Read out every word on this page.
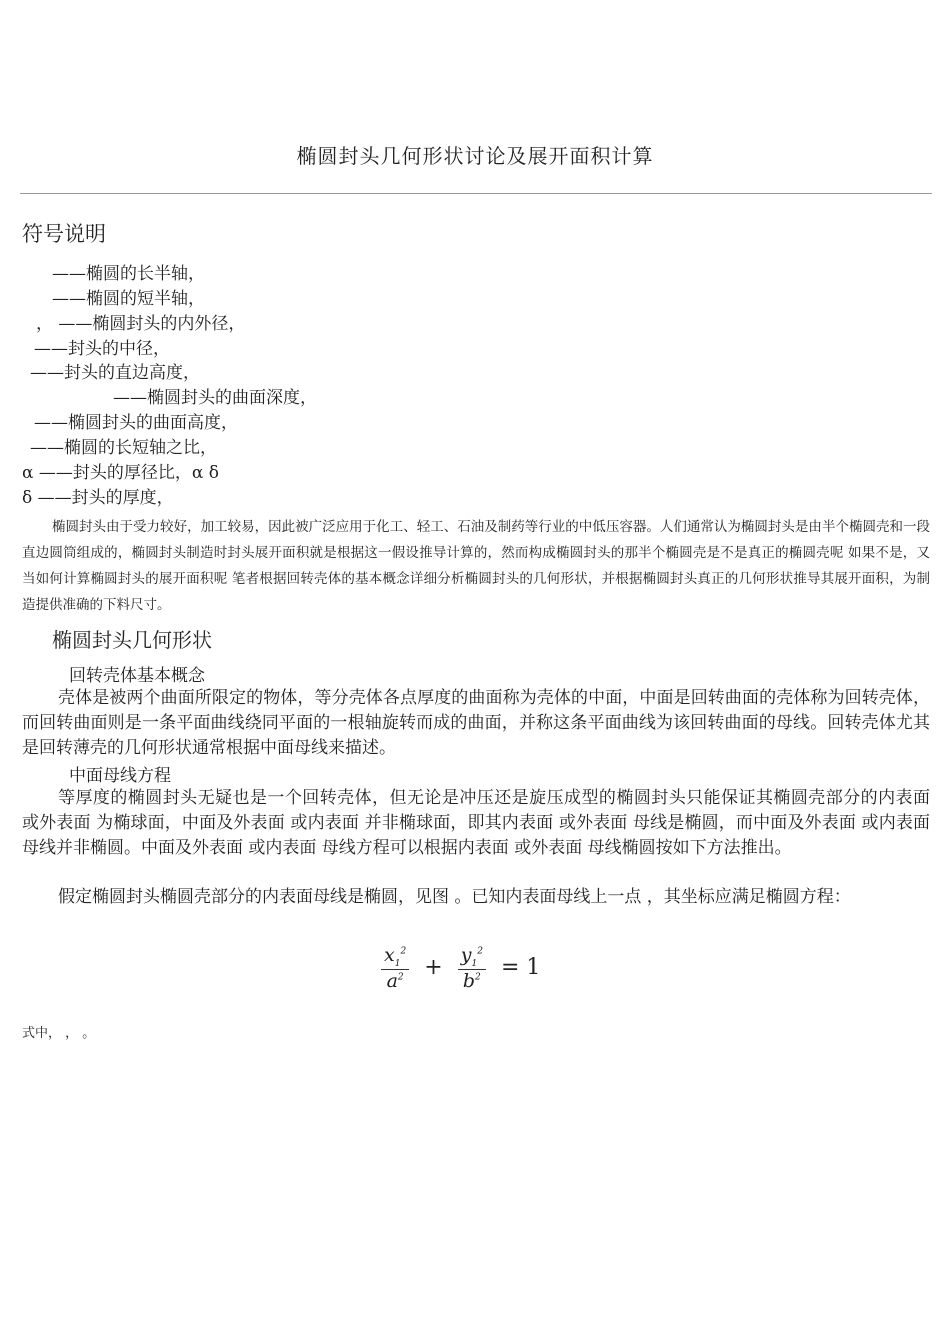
椭圆封头几何形状讨论及展开面积计算
符号说明
——椭圆的长半轴，
——椭圆的短半轴，
， ——椭圆封头的内外径，
——封头的中径，
——封头的直边高度，
——椭圆封头的曲面深度，
——椭圆封头的曲面高度，
——椭圆的长短轴之比，
α ——封头的厚径比，α δ
δ ——封头的厚度，
椭圆封头由于受力较好，加工较易，因此被广泛应用于化工、轻工、石油及制药等行业的中低压容器。人们通常认为椭圆封头是由半个椭圆壳和一段直边圆筒组成的，椭圆封头制造时封头展开面积就是根据这一假设推导计算的，然而构成椭圆封头的那半个椭圆壳是不是真正的椭圆壳呢 如果不是，又当如何计算椭圆封头的展开面积呢 笔者根据回转壳体的基本概念详细分析椭圆封头的几何形状，并根据椭圆封头真正的几何形状推导其展开面积，为制造提供准确的下料尺寸。
椭圆封头几何形状
回转壳体基本概念
壳体是被两个曲面所限定的物体，等分壳体各点厚度的曲面称为壳体的中面，中面是回转曲面的壳体称为回转壳体，而回转曲面则是一条平面曲线绕同平面的一根轴旋转而成的曲面，并称这条平面曲线为该回转曲面的母线。回转壳体尤其是回转薄壳的几何形状通常根据中面母线来描述。
中面母线方程
等厚度的椭圆封头无疑也是一个回转壳体，但无论是冲压还是旋压成型的椭圆封头只能保证其椭圆壳部分的内表面 或外表面 为椭球面，中面及外表面 或内表面 并非椭球面，即其内表面 或外表面 母线是椭圆，而中面及外表面 或内表面 母线并非椭圆。中面及外表面 或内表面 母线方程可以根据内表面 或外表面 母线椭圆按如下方法推出。
假定椭圆封头椭圆壳部分的内表面母线是椭圆，见图 。已知内表面母线上一点 ，其坐标应满足椭圆方程：
$\frac{x_1^2}{a^2} + \frac{y_1^2}{b^2} = 1$
式中， ， 。
